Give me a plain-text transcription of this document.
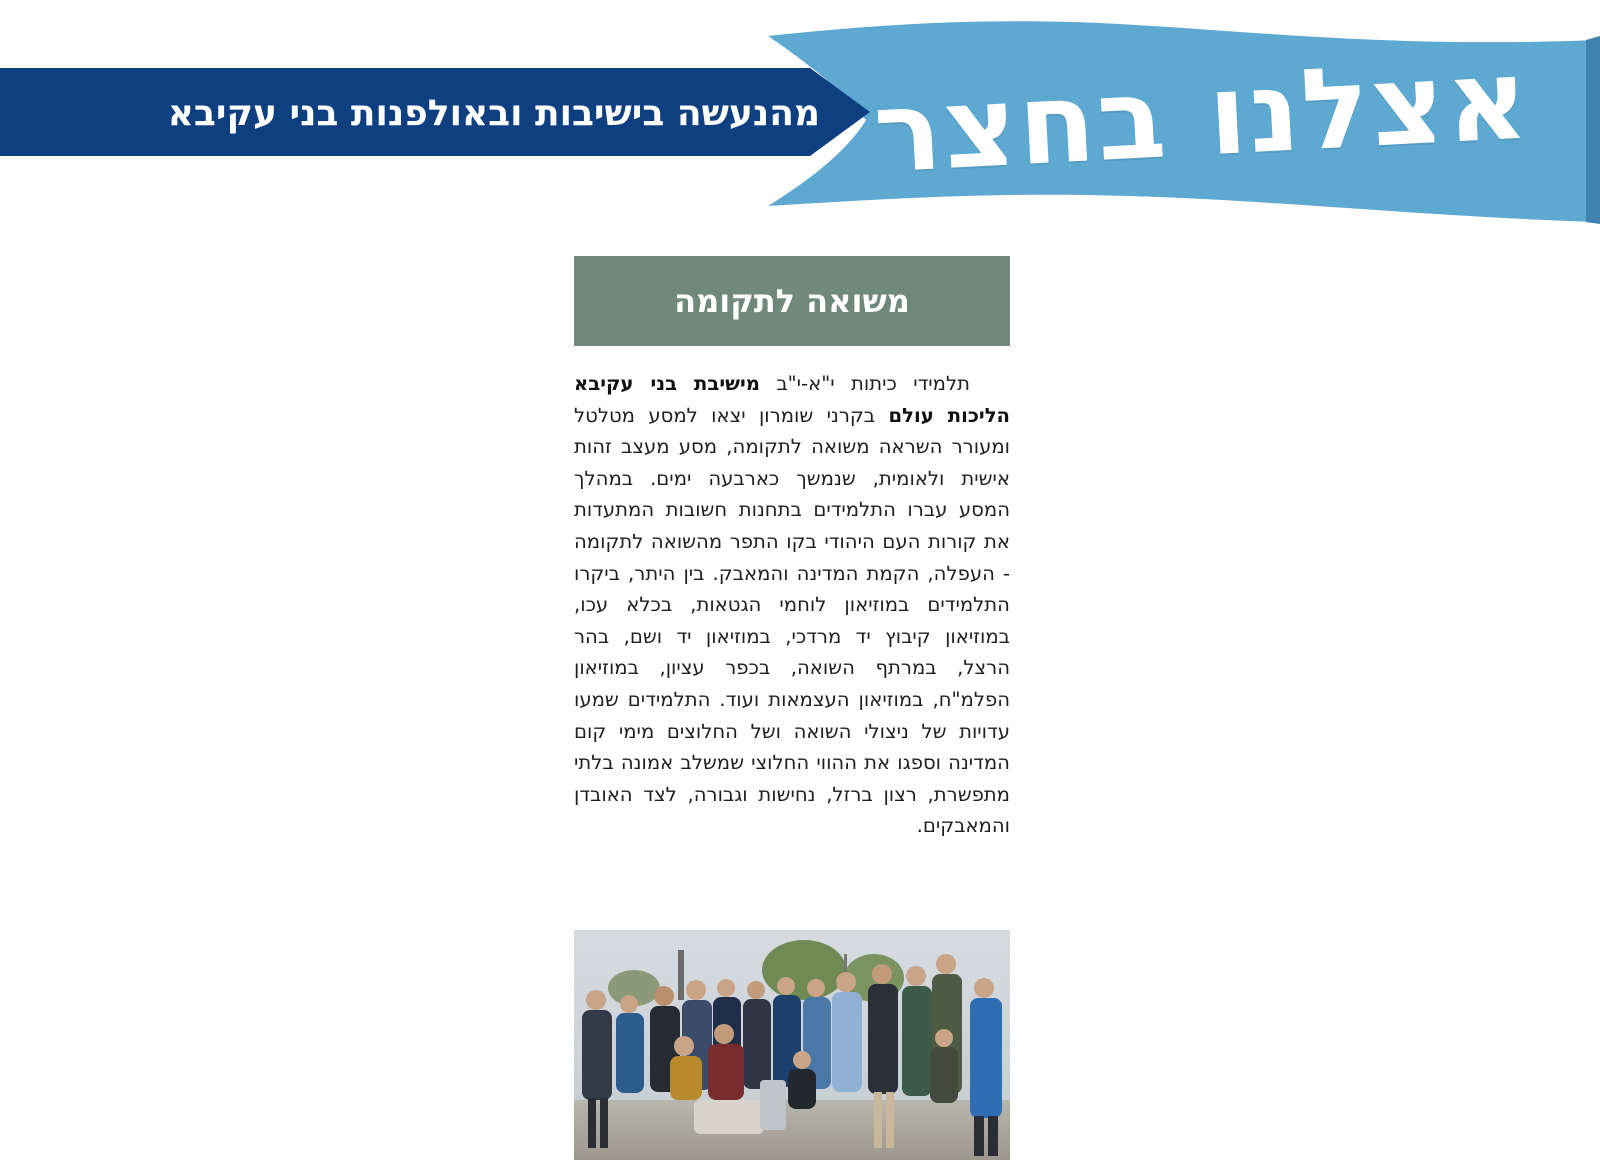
אצלנו בחצר
מהנעשה בישיבות ובאולפנות בני עקיבא
משואה לתקומה

תלמידי כיתות י"א-י"ב מישיבת בני עקיבא הליכות עולם בקרני שומרון יצאו למסע מטלטל ומעורר השראה משואה לתקומה, מסע מעצב זהות אישית ולאומית, שנמשך כארבעה ימים. במהלך המסע עברו התלמידים בתחנות חשובות המתעדות את קורות העם היהודי בקו התפר מהשואה לתקומה - העפלה, הקמת המדינה והמאבק. בין היתר, ביקרו התלמידים במוזיאון לוחמי הגטאות, בכלא עכו, במוזיאון קיבוץ יד מרדכי, במוזיאון יד ושם, בהר הרצל, במרתף השואה, בכפר עציון, במוזיאון הפלמ"ח, במוזיאון העצמאות ועוד. התלמידים שמעו עדויות של ניצולי השואה ושל החלוצים מימי קום המדינה וספגו את ההווי החלוצי שמשלב אמונה בלתי מתפשרת, רצון ברזל, נחישות וגבורה, לצד האובדן והמאבקים.
